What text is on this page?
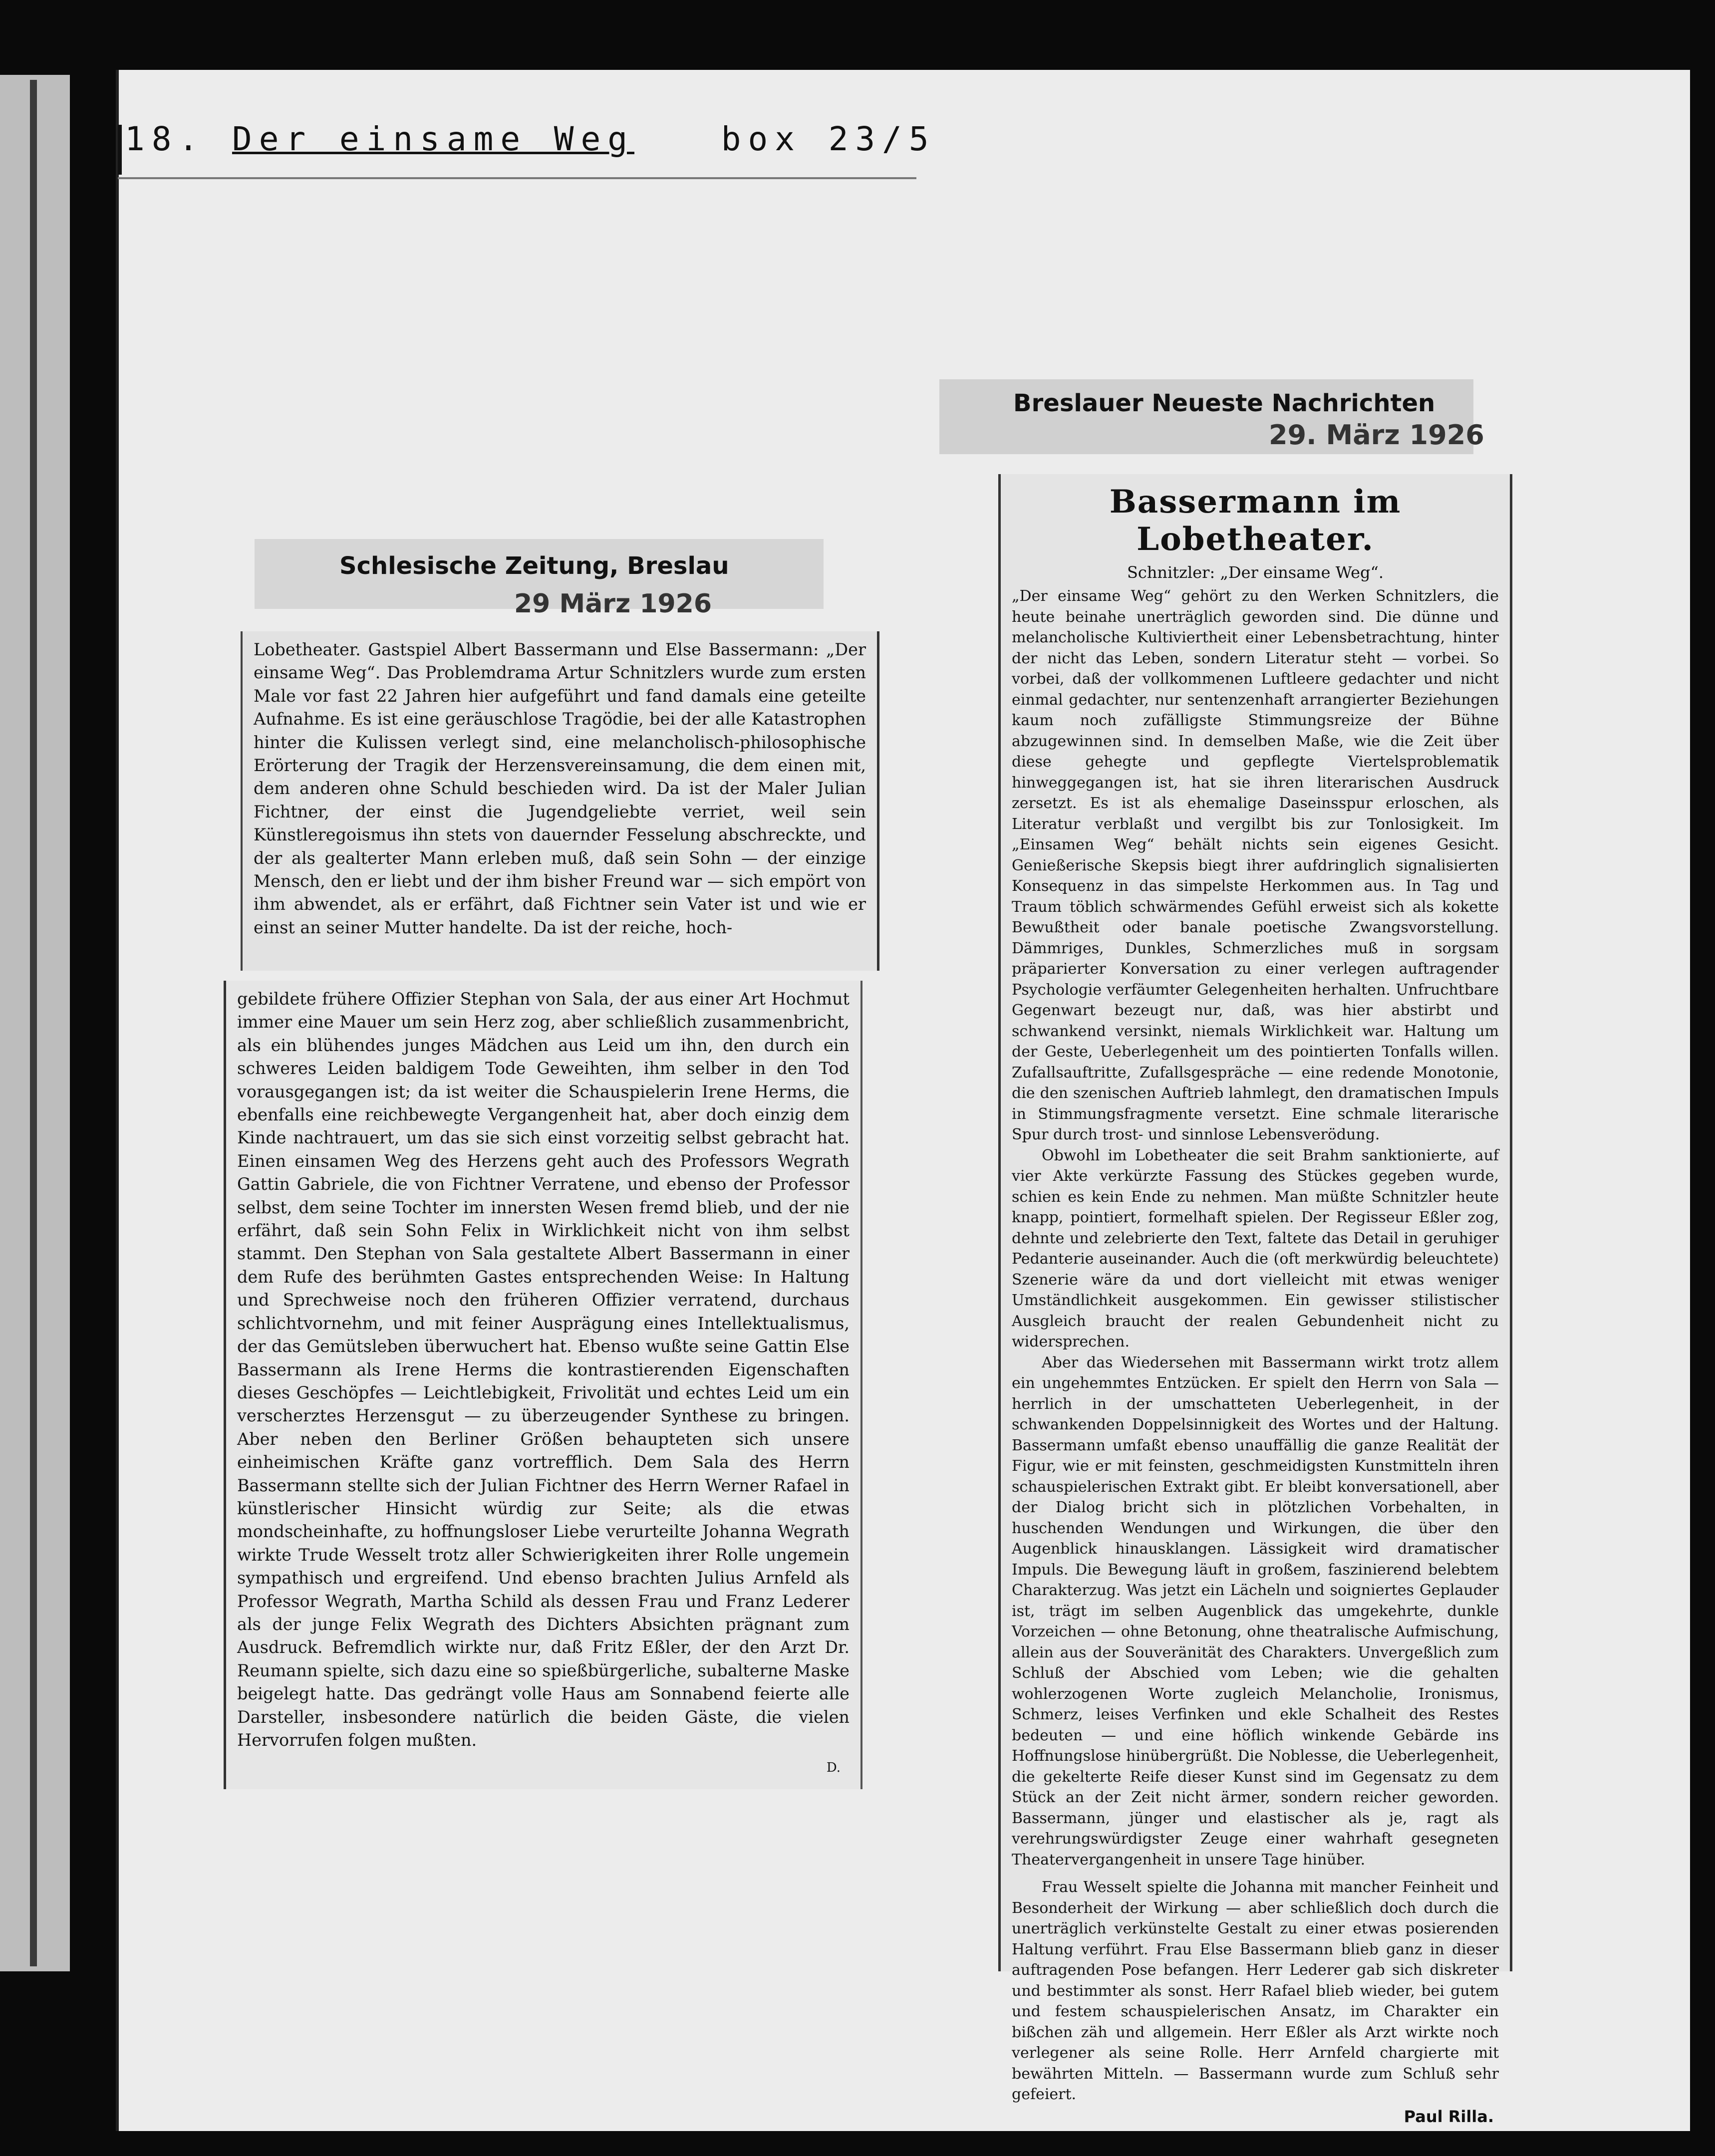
18. Der einsame Weg	box 23/5
Schlesische Zeitung, Breslau
29 März 1926

Lobetheater. Gastspiel Albert Bassermann und Else Bassermann: „Der einsame Weg“. Das Problemdrama Artur Schnitzlers wurde zum ersten Male vor fast 22 Jahren hier aufgeführt und fand damals eine geteilte Aufnahme. Es ist eine geräuschlose Tragödie, bei der alle Katastrophen hinter die Kulissen verlegt sind, eine melancholisch-philosophische Erörterung der Tragik der Herzensvereinsamung, die dem einen mit, dem anderen ohne Schuld beschieden wird. Da ist der Maler Julian Fichtner, der einst die Jugendgeliebte verriet, weil sein Künstleregoismus ihn stets von dauernder Fesselung abschreckte, und der als gealterter Mann erleben muß, daß sein Sohn — der einzige Mensch, den er liebt und der ihm bisher Freund war — sich empört von ihm abwendet, als er erfährt, daß Fichtner sein Vater ist und wie er einst an seiner Mutter handelte. Da ist der reiche, hoch-

gebildete frühere Offizier Stephan von Sala, der aus einer Art Hochmut immer eine Mauer um sein Herz zog, aber schließlich zusammenbricht, als ein blühendes junges Mädchen aus Leid um ihn, den durch ein schweres Leiden baldigem Tode Geweihten, ihm selber in den Tod vorausgegangen ist; da ist weiter die Schauspielerin Irene Herms, die ebenfalls eine reichbewegte Vergangenheit hat, aber doch einzig dem Kinde nachtrauert, um das sie sich einst vorzeitig selbst gebracht hat. Einen einsamen Weg des Herzens geht auch des Professors Wegrath Gattin Gabriele, die von Fichtner Verratene, und ebenso der Professor selbst, dem seine Tochter im innersten Wesen fremd blieb, und der nie erfährt, daß sein Sohn Felix in Wirklichkeit nicht von ihm selbst stammt. Den Stephan von Sala gestaltete Albert Bassermann in einer dem Rufe des berühmten Gastes entsprechenden Weise: In Haltung und Sprechweise noch den früheren Offizier verratend, durchaus schlichtvornehm, und mit feiner Ausprägung eines Intellektualismus, der das Gemütsleben überwuchert hat. Ebenso wußte seine Gattin Else Bassermann als Irene Herms die kontrastierenden Eigenschaften dieses Geschöpfes — Leichtlebigkeit, Frivolität und echtes Leid um ein verscherztes Herzensgut — zu überzeugender Synthese zu bringen. Aber neben den Berliner Größen behaupteten sich unsere einheimischen Kräfte ganz vortrefflich. Dem Sala des Herrn Bassermann stellte sich der Julian Fichtner des Herrn Werner Rafael in künstlerischer Hinsicht würdig zur Seite; als die etwas mondscheinhafte, zu hoffnungsloser Liebe verurteilte Johanna Wegrath wirkte Trude Wesselt trotz aller Schwierigkeiten ihrer Rolle ungemein sympathisch und ergreifend. Und ebenso brachten Julius Arnfeld als Professor Wegrath, Martha Schild als dessen Frau und Franz Lederer als der junge Felix Wegrath des Dichters Absichten prägnant zum Ausdruck. Befremdlich wirkte nur, daß Fritz Eßler, der den Arzt Dr. Reumann spielte, sich dazu eine so spießbürgerliche, subalterne Maske beigelegt hatte. Das gedrängt volle Haus am Sonnabend feierte alle Darsteller, insbesondere natürlich die beiden Gäste, die vielen Hervorrufen folgen mußten.

D.
Breslauer Neueste Nachrichten
29. März 1926
Bassermann im Lobetheater.
Schnitzler: „Der einsame Weg“.

„Der einsame Weg“ gehört zu den Werken Schnitzlers, die heute beinahe unerträglich geworden sind. Die dünne und melancholische Kultiviertheit einer Lebensbetrachtung, hinter der nicht das Leben, sondern Literatur steht — vorbei. So vorbei, daß der vollkommenen Luftleere gedachter und nicht einmal gedachter, nur sentenzenhaft arrangierter Beziehungen kaum noch zufälligste Stimmungsreize der Bühne abzugewinnen sind. In demselben Maße, wie die Zeit über diese gehegte und gepflegte Viertelsproblematik hinweggegangen ist, hat sie ihren literarischen Ausdruck zersetzt. Es ist als ehemalige Daseinsspur erloschen, als Literatur verblaßt und vergilbt bis zur Tonlosigkeit. Im „Einsamen Weg“ behält nichts sein eigenes Gesicht. Genießerische Skepsis biegt ihrer aufdringlich signalisierten Konsequenz in das simpelste Herkommen aus. In Tag und Traum töblich schwärmendes Gefühl erweist sich als kokette Bewußtheit oder banale poetische Zwangsvorstellung. Dämmriges, Dunkles, Schmerzliches muß in sorgsam präparierter Konversation zu einer verlegen auftragender Psychologie verfäumter Gelegenheiten herhalten. Unfruchtbare Gegenwart bezeugt nur, daß, was hier abstirbt und schwankend versinkt, niemals Wirklichkeit war. Haltung um der Geste, Ueberlegenheit um des pointierten Tonfalls willen. Zufallsauftritte, Zufallsgespräche — eine redende Monotonie, die den szenischen Auftrieb lahmlegt, den dramatischen Impuls in Stimmungsfragmente versetzt. Eine schmale literarische Spur durch trost- und sinnlose Lebensverödung.

Obwohl im Lobetheater die seit Brahm sanktionierte, auf vier Akte verkürzte Fassung des Stückes gegeben wurde, schien es kein Ende zu nehmen. Man müßte Schnitzler heute knapp, pointiert, formelhaft spielen. Der Regisseur Eßler zog, dehnte und zelebrierte den Text, faltete das Detail in geruhiger Pedanterie auseinander. Auch die (oft merkwürdig beleuchtete) Szenerie wäre da und dort vielleicht mit etwas weniger Umständlichkeit ausgekommen. Ein gewisser stilistischer Ausgleich braucht der realen Gebundenheit nicht zu widersprechen.

Aber das Wiedersehen mit Bassermann wirkt trotz allem ein ungehemmtes Entzücken. Er spielt den Herrn von Sala — herrlich in der umschatteten Ueberlegenheit, in der schwankenden Doppelsinnigkeit des Wortes und der Haltung. Bassermann umfaßt ebenso unauffällig die ganze Realität der Figur, wie er mit feinsten, geschmeidigsten Kunstmitteln ihren schauspielerischen Extrakt gibt. Er bleibt konversationell, aber der Dialog bricht sich in plötzlichen Vorbehalten, in huschenden Wendungen und Wirkungen, die über den Augenblick hinausklangen. Lässigkeit wird dramatischer Impuls. Die Bewegung läuft in großem, faszinierend belebtem Charakterzug. Was jetzt ein Lächeln und soigniertes Geplauder ist, trägt im selben Augenblick das umgekehrte, dunkle Vorzeichen — ohne Betonung, ohne theatralische Aufmischung, allein aus der Souveränität des Charakters. Unvergeßlich zum Schluß der Abschied vom Leben; wie die gehalten wohlerzogenen Worte zugleich Melancholie, Ironismus, Schmerz, leises Verfinken und ekle Schalheit des Restes bedeuten — und eine höflich winkende Gebärde ins Hoffnungslose hinübergrüßt. Die Noblesse, die Ueberlegenheit, die gekelterte Reife dieser Kunst sind im Gegensatz zu dem Stück an der Zeit nicht ärmer, sondern reicher geworden. Bassermann, jünger und elastischer als je, ragt als verehrungswürdigster Zeuge einer wahrhaft gesegneten Theatervergangenheit in unsere Tage hinüber.

Frau Wesselt spielte die Johanna mit mancher Feinheit und Besonderheit der Wirkung — aber schließlich doch durch die unerträglich verkünstelte Gestalt zu einer etwas posierenden Haltung verführt. Frau Else Bassermann blieb ganz in dieser auftragenden Pose befangen. Herr Lederer gab sich diskreter und bestimmter als sonst. Herr Rafael blieb wieder, bei gutem und festem schauspielerischen Ansatz, im Charakter ein bißchen zäh und allgemein. Herr Eßler als Arzt wirkte noch verlegener als seine Rolle. Herr Arnfeld chargierte mit bewährten Mitteln. — Bassermann wurde zum Schluß sehr gefeiert.

Paul Rilla.
